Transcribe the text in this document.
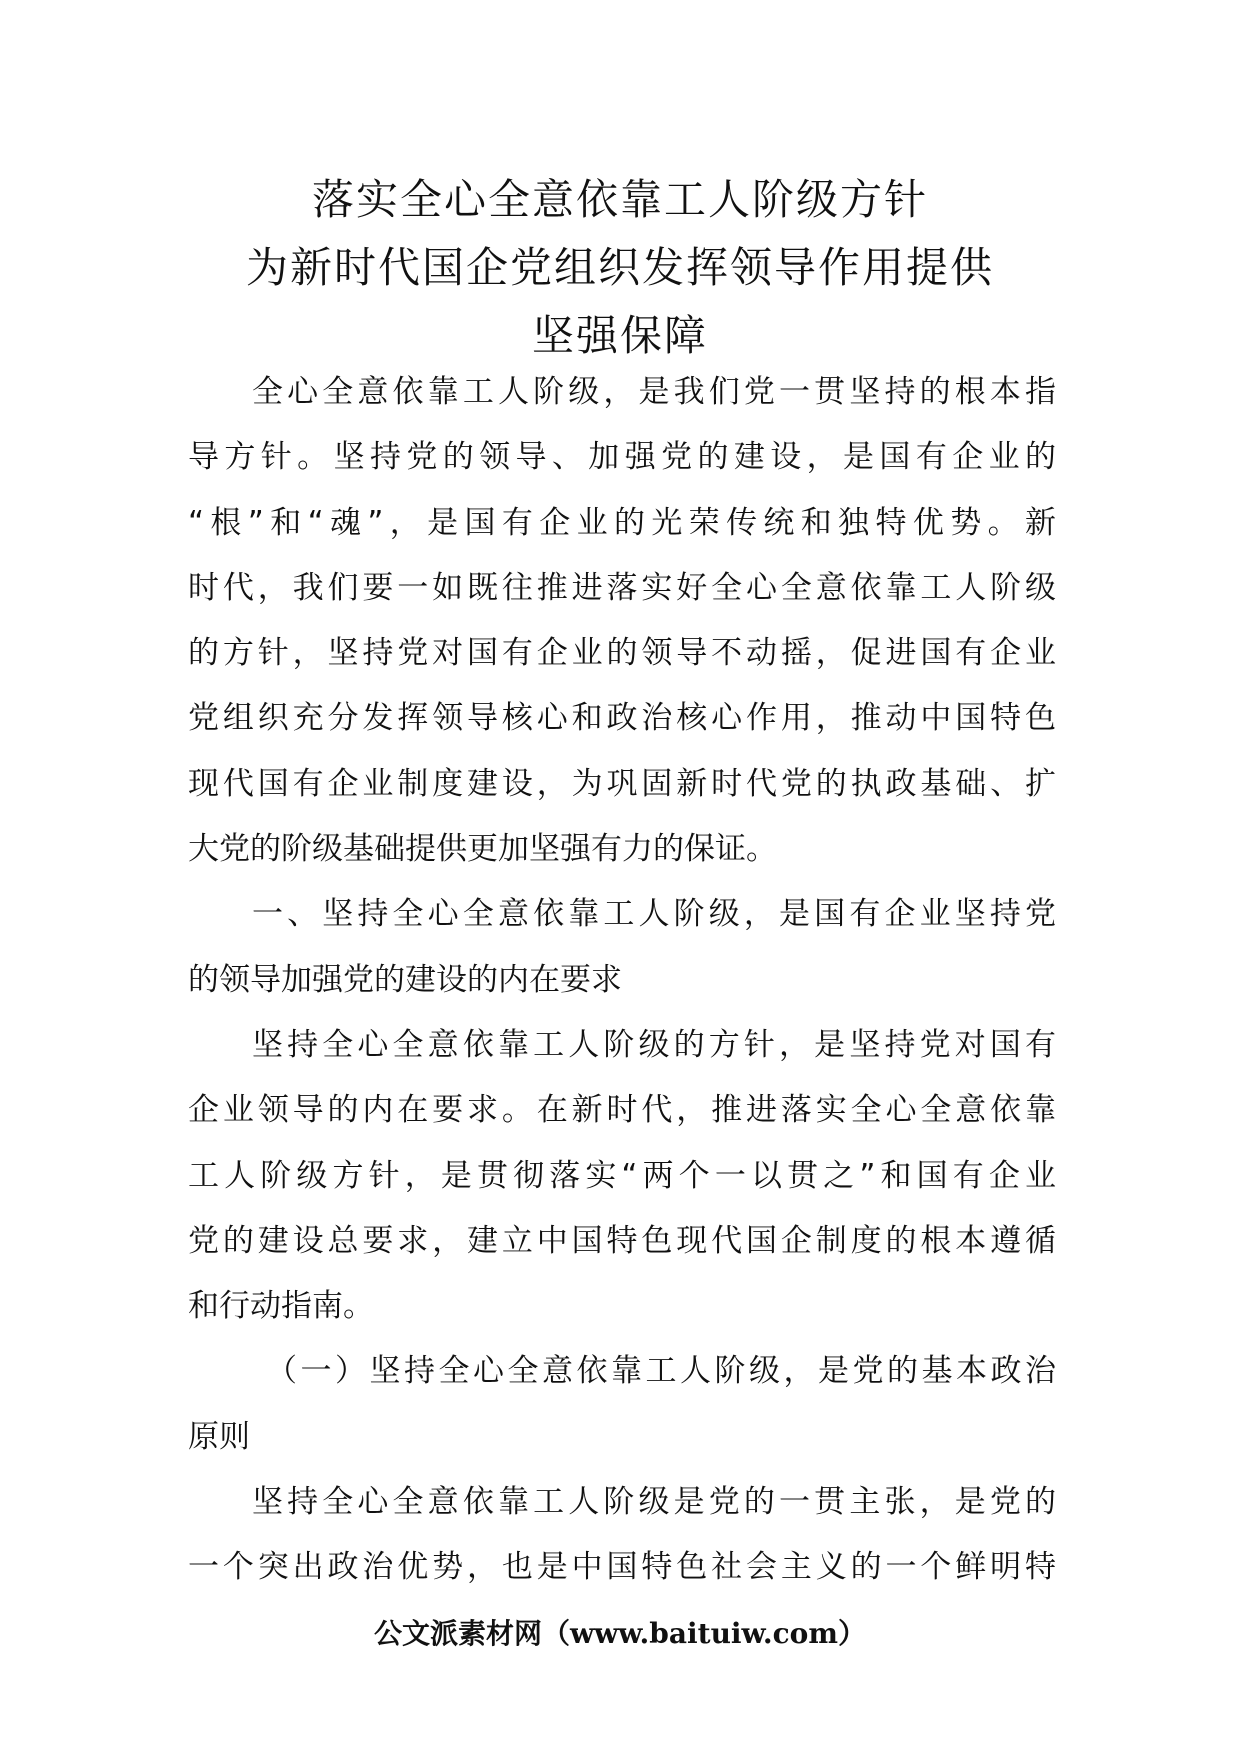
落实全心全意依靠工人阶级方针
为新时代国企党组织发挥领导作用提供
坚强保障
全心全意依靠工人阶级，是我们党一贯坚持的根本指
导方针。坚持党的领导、加强党的建设，是国有企业的
“根”和“魂”，是国有企业的光荣传统和独特优势。新
时代，我们要一如既往推进落实好全心全意依靠工人阶级
的方针，坚持党对国有企业的领导不动摇，促进国有企业
党组织充分发挥领导核心和政治核心作用，推动中国特色
现代国有企业制度建设，为巩固新时代党的执政基础、扩
大党的阶级基础提供更加坚强有力的保证。
一、坚持全心全意依靠工人阶级，是国有企业坚持党
的领导加强党的建设的内在要求
坚持全心全意依靠工人阶级的方针，是坚持党对国有
企业领导的内在要求。在新时代，推进落实全心全意依靠
工人阶级方针，是贯彻落实“两个一以贯之”和国有企业
党的建设总要求，建立中国特色现代国企制度的根本遵循
和行动指南。
（一）坚持全心全意依靠工人阶级，是党的基本政治
原则
坚持全心全意依靠工人阶级是党的一贯主张，是党的
一个突出政治优势，也是中国特色社会主义的一个鲜明特
公文派素材网（www.baituiw.com）
